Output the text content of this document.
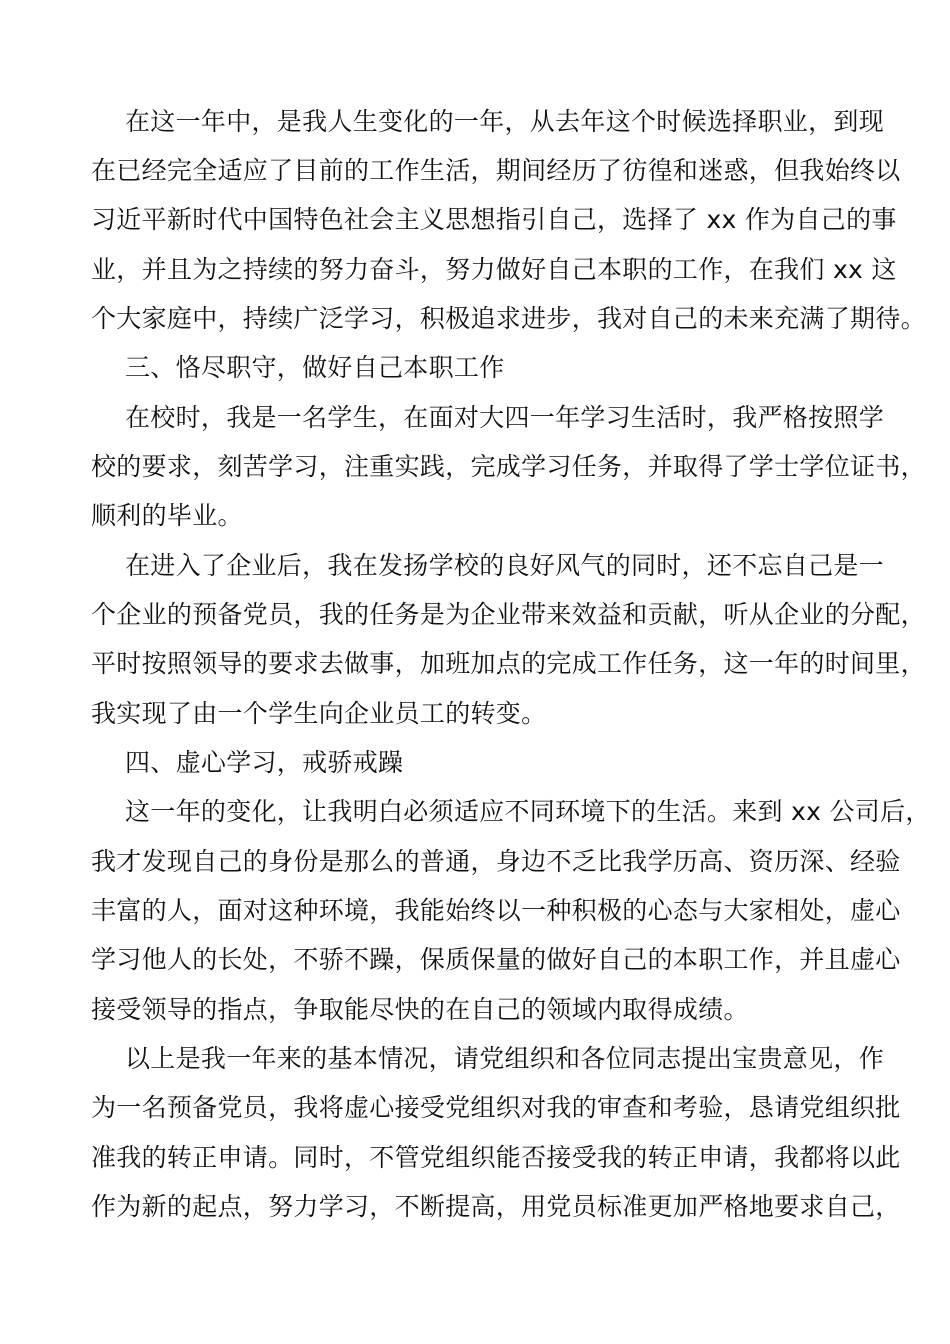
在这一年中，是我人生变化的一年，从去年这个时候选择职业，到现
在已经完全适应了目前的工作生活，期间经历了彷徨和迷惑，但我始终以
习近平新时代中国特色社会主义思想指引自己，选择了 xx 作为自己的事
业，并且为之持续的努力奋斗，努力做好自己本职的工作，在我们 xx 这
个大家庭中，持续广泛学习，积极追求进步，我对自己的未来充满了期待。
三、恪尽职守，做好自己本职工作
在校时，我是一名学生，在面对大四一年学习生活时，我严格按照学
校的要求，刻苦学习，注重实践，完成学习任务，并取得了学士学位证书，
顺利的毕业。
在进入了企业后，我在发扬学校的良好风气的同时，还不忘自己是一
个企业的预备党员，我的任务是为企业带来效益和贡献，听从企业的分配，
平时按照领导的要求去做事，加班加点的完成工作任务，这一年的时间里，
我实现了由一个学生向企业员工的转变。
四、虚心学习，戒骄戒躁
这一年的变化，让我明白必须适应不同环境下的生活。来到 xx 公司后，
我才发现自己的身份是那么的普通，身边不乏比我学历高、资历深、经验
丰富的人，面对这种环境，我能始终以一种积极的心态与大家相处，虚心
学习他人的长处，不骄不躁，保质保量的做好自己的本职工作，并且虚心
接受领导的指点，争取能尽快的在自己的领域内取得成绩。
以上是我一年来的基本情况，请党组织和各位同志提出宝贵意见，作
为一名预备党员，我将虚心接受党组织对我的审查和考验，恳请党组织批
准我的转正申请。同时，不管党组织能否接受我的转正申请，我都将以此
作为新的起点，努力学习，不断提高，用党员标准更加严格地要求自己，
